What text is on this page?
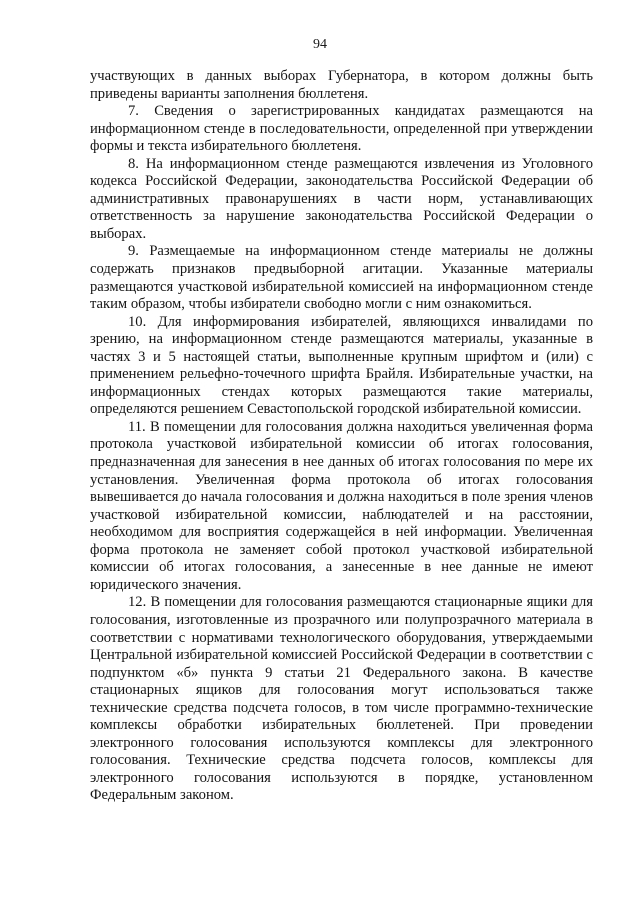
94

участвующих в данных выборах Губернатора, в котором должны быть приведены варианты заполнения бюллетеня.

7. Сведения о зарегистрированных кандидатах размещаются на информационном стенде в последовательности, определенной при утверждении формы и текста избирательного бюллетеня.

8. На информационном стенде размещаются извлечения из Уголовного кодекса Российской Федерации, законодательства Российской Федерации об административных правонарушениях в части норм, устанавливающих ответственность за нарушение законодательства Российской Федерации о выборах.

9. Размещаемые на информационном стенде материалы не должны содержать признаков предвыборной агитации. Указанные материалы размещаются участковой избирательной комиссией на информационном стенде таким образом, чтобы избиратели свободно могли с ним ознакомиться.

10. Для информирования избирателей, являющихся инвалидами по зрению, на информационном стенде размещаются материалы, указанные в частях 3 и 5 настоящей статьи, выполненные крупным шрифтом и (или) с применением рельефно-точечного шрифта Брайля. Избирательные участки, на информационных стендах которых размещаются такие материалы, определяются решением Севастопольской городской избирательной комиссии.

11. В помещении для голосования должна находиться увеличенная форма протокола участковой избирательной комиссии об итогах голосования, предназначенная для занесения в нее данных об итогах голосования по мере их установления. Увеличенная форма протокола об итогах голосования вывешивается до начала голосования и должна находиться в поле зрения членов участковой избирательной комиссии, наблюдателей и на расстоянии, необходимом для восприятия содержащейся в ней информации. Увеличенная форма протокола не заменяет собой протокол участковой избирательной комиссии об итогах голосования, а занесенные в нее данные не имеют юридического значения.

12. В помещении для голосования размещаются стационарные ящики для голосования, изготовленные из прозрачного или полупрозрачного материала в соответствии с нормативами технологического оборудования, утверждаемыми Центральной избирательной комиссией Российской Федерации в соответствии с подпунктом «б» пункта 9 статьи 21 Федерального закона. В качестве стационарных ящиков для голосования могут использоваться также технические средства подсчета голосов, в том числе программно-технические комплексы обработки избирательных бюллетеней. При проведении электронного голосования используются комплексы для электронного голосования. Технические средства подсчета голосов, комплексы для электронного голосования используются в порядке, установленном Федеральным законом.
